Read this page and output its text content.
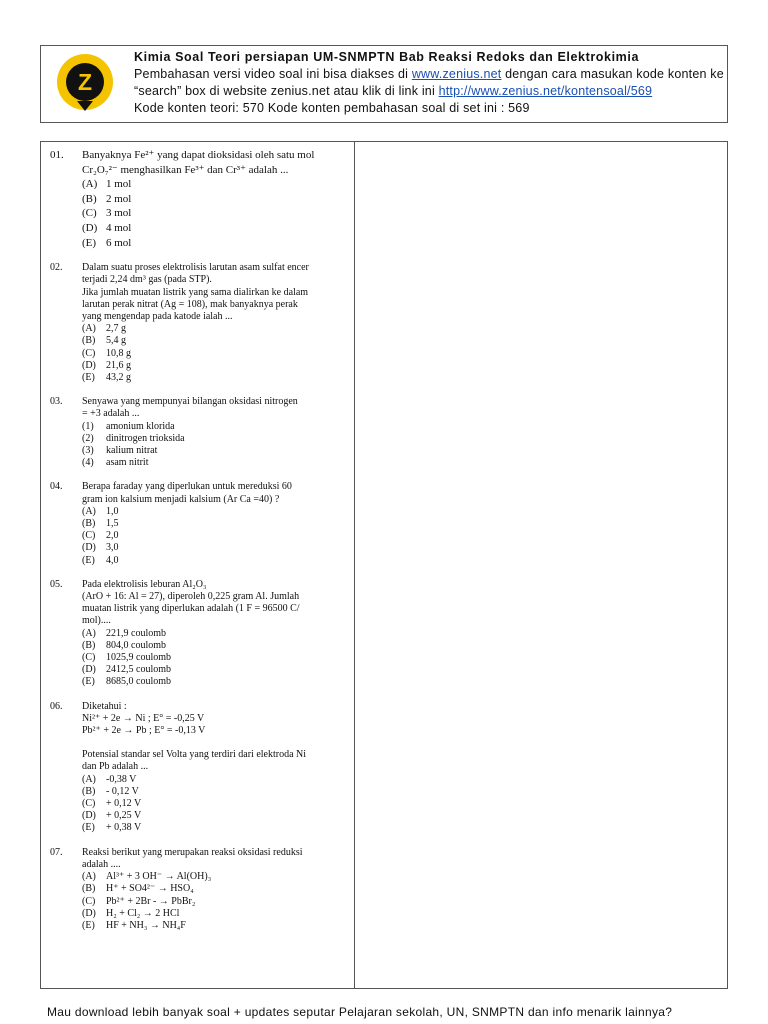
Z
Kimia Soal Teori persiapan UM-SNMPTN Bab Reaksi Redoks dan Elektrokimia
Pembahasan versi video soal ini bisa diakses di www.zenius.net dengan cara masukan kode konten ke
“search” box di website zenius.net atau klik di link ini http://www.zenius.net/kontensoal/569
Kode konten teori: 570 Kode konten pembahasan soal di set ini : 569
01. Banyaknya Fe²⁺ yang dapat dioksidasi oleh satu mol

Cr₂O₇²⁻ menghasilkan Fe³⁺ dan Cr³⁺ adalah ...

(A) 1 mol
(B) 2 mol
(C) 3 mol
(D) 4 mol
(E) 6 mol
02. Dalam suatu proses elektrolisis larutan asam sulfat encer

terjadi 2,24 dm³ gas (pada STP).

Jika jumlah muatan listrik yang sama dialirkan ke dalam

larutan perak nitrat (Ag = 108), mak banyaknya perak

yang mengendap pada katode ialah ...

(A)	2,7 g
(B)	5,4 g
(C)	10,8 g
(D)	21,6 g
(E)	43,2 g
03. Senyawa yang mempunyai bilangan oksidasi nitrogen

= +3 adalah ...

(1)	amonium klorida
(2)	dinitrogen trioksida
(3)	kalium nitrat
(4)	asam nitrit
04. Berapa faraday yang diperlukan untuk mereduksi 60

gram ion kalsium menjadi kalsium (Ar Ca =40) ?

(A)	1,0
(B)	1,5
(C)	2,0
(D)	3,0
(E)	4,0
05. Pada elektrolisis leburan Al₂O₃

(ArO + 16: Al = 27), diperoleh 0,225 gram Al. Jumlah

muatan listrik yang diperlukan adalah (1 F = 96500 C/

mol)....

(A)	221,9 coulomb
(B)	804,0 coulomb
(C)	1025,9 coulomb
(D)	2412,5 coulomb
(E)	8685,0 coulomb
06. Diketahui :

Ni²⁺ + 2e → Ni ; E° = -0,25 V

Pb²⁺ + 2e → Pb ; E° = -0,13 V

Potensial standar sel Volta yang terdiri dari elektroda Ni

dan Pb adalah ...

(A)	-0,38 V
(B)	- 0,12 V
(C)	+ 0,12 V
(D)	+ 0,25 V
(E)	+ 0,38 V
07. Reaksi berikut yang merupakan reaksi oksidasi reduksi

adalah ....

(A)	Al³⁺ + 3 OH⁻ → Al(OH)₃
(B)	H⁺ + SO4²⁻ → HSO₄
(C)	Pb²⁺ + 2Br - → PbBr₂
(D)	H₂ + Cl₂ → 2 HCl
(E)	HF + NH₃ → NH₄F
Mau download lebih banyak soal + updates seputar Pelajaran sekolah, UN, SNMPTN dan info menarik lainnya?
